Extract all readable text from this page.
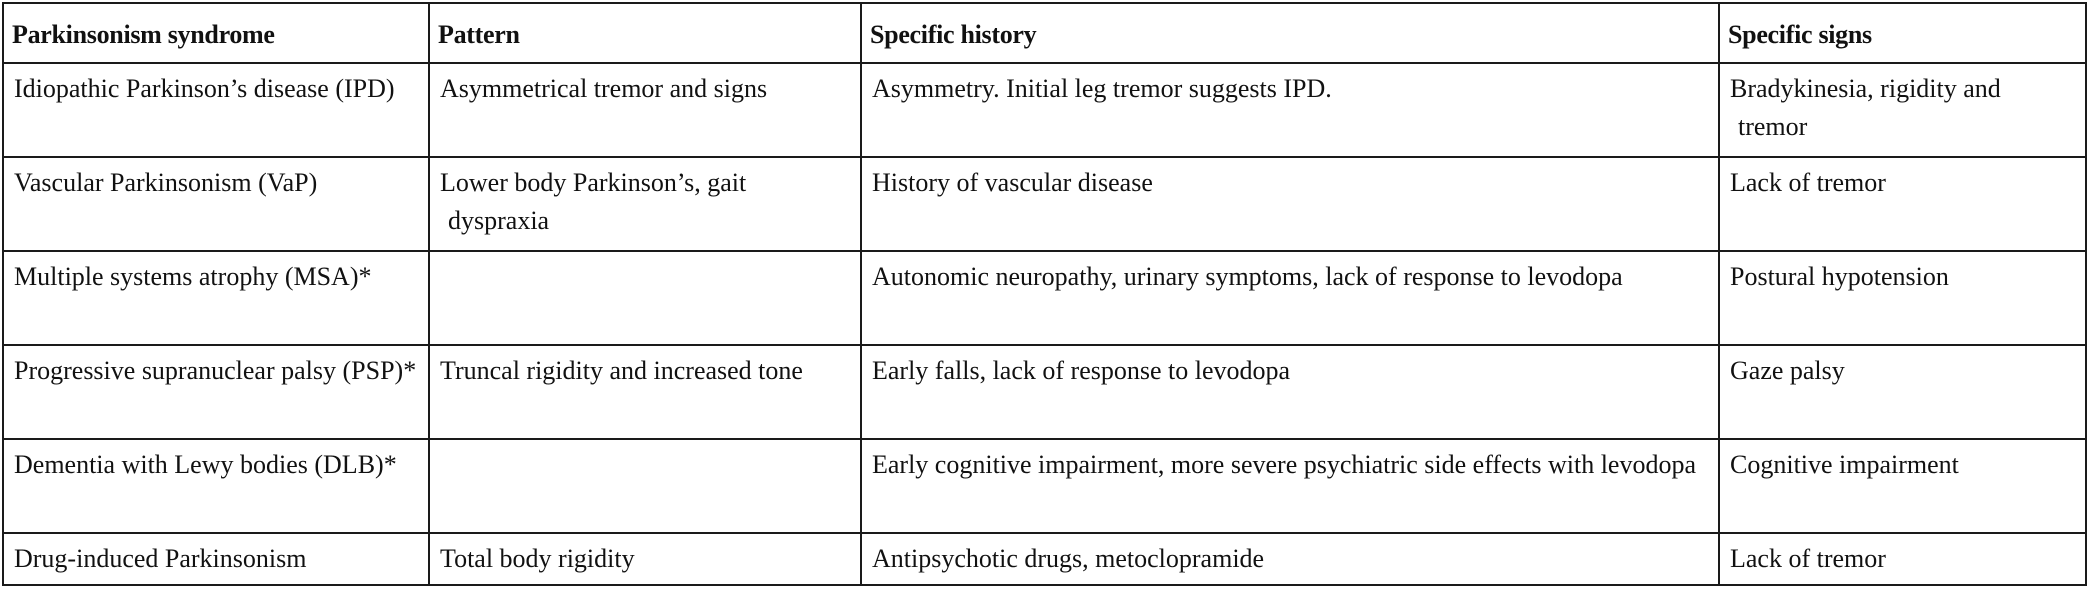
Parkinsonism syndrome	Pattern	Specific history	Specific signs
Idiopathic Parkinson’s disease (IPD)	Asymmetrical tremor and signs	Asymmetry. Initial leg tremor suggests IPD.	Bradykinesia, rigidity and tremor
Vascular Parkinsonism (VaP)	Lower body Parkinson’s, gait dyspraxia	History of vascular disease	Lack of tremor
Multiple systems atrophy (MSA)*		Autonomic neuropathy, urinary symptoms, lack of response to levodopa	Postural hypotension
Progressive supranuclear palsy (PSP)*	Truncal rigidity and increased tone	Early falls, lack of response to levodopa	Gaze palsy
Dementia with Lewy bodies (DLB)*		Early cognitive impairment, more severe psychiatric side effects with levodopa	Cognitive impairment
Drug-induced Parkinsonism	Total body rigidity	Antipsychotic drugs, metoclopramide	Lack of tremor
